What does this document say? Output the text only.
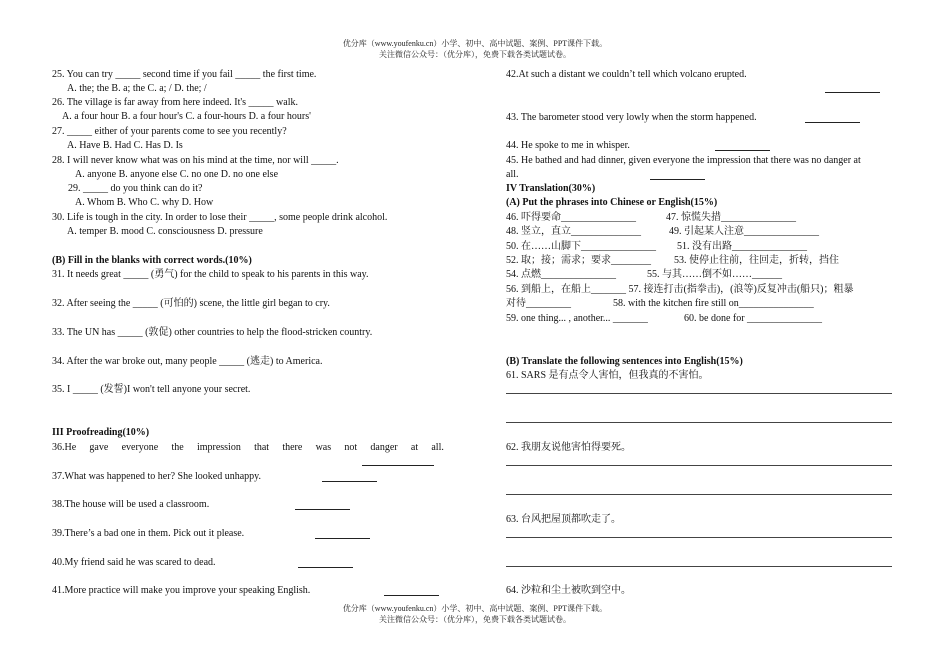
优分库（www.youfenku.cn）小学、初中、高中试题、案例、PPT课件下载。
关注微信公众号：（优分库），免费下载各类试题试卷。
25. You can try _____ second time if you fail _____ the first time.
A. the; the B. a; the C. a; / D. the; /
26. The village is far away from here indeed. It's _____ walk.
A. a four hour B. a four hour's C. a four-hours D. a four hours'
27. _____ either of your parents come to see you recently?
A. Have B. Had C. Has D. Is
28. I will never know what was on his mind at the time, nor will _____.
A. anyone B. anyone else C. no one D. no one else
29. _____ do you think can do it?
A. Whom B. Who C. why D. How
30. Life is tough in the city. In order to lose their _____, some people drink alcohol.
A. temper B. mood C. consciousness D. pressure
(B) Fill in the blanks with correct words.(10%)
31. It needs great _____ (勇气) for the child to speak to his parents in this way.
32. After seeing the _____ (可怕的) scene, the little girl began to cry.
33. The UN has _____ (敦促) other countries to help the flood-stricken country.
34. After the war broke out, many people _____ (逃走) to America.
35. I _____ (发誓)I won't tell anyone your secret.
III Proofreading(10%)
36.He gave everyone the impression that there was not danger at all.
37.What was happened to her? She looked unhappy.
38.The house will be used a classroom.
39.There’s a bad one in them. Pick out it please.
40.My friend said he was scared to dead.
41.More practice will make you improve your speaking English.
42.At such a distant we couldn’t tell which volcano erupted.
43. The barometer stood very lowly when the storm happened.
44. He spoke to me in whisper.
45. He bathed and had dinner, given everyone the impression that there was no danger at
all.
IV Translation(30%)
(A) Put the phrases into Chinese or English(15%)
46. 吓得要命_______________	47. 惊慌失措_______________
48. 竖立，直立______________	49. 引起某人注意_______________
50. 在……山脚下_______________ 51. 没有出路_______________
52. 取；接；需求；要求________ 53. 使停止往前，往回走，折转，挡住
54. 点燃_______________	55. 与其……倒不如……______
56. 到船上，在船上_______ 57. 接连打击(指拳击)，(浪等)反复冲击(船只)；粗暴
对待_________	58. with the kitchen fire still on_______________
59. one thing... , another... _______	60. be done for _______________
(B) Translate the following sentences into English(15%)
61. SARS 是有点令人害怕，但我真的不害怕。
62. 我朋友说他害怕得要死。
63. 台风把屋顶都吹走了。
64. 沙粒和尘土被吹到空中。
优分库（www.youfenku.cn）小学、初中、高中试题、案例、PPT课件下载。
关注微信公众号：（优分库），免费下载各类试题试卷。
